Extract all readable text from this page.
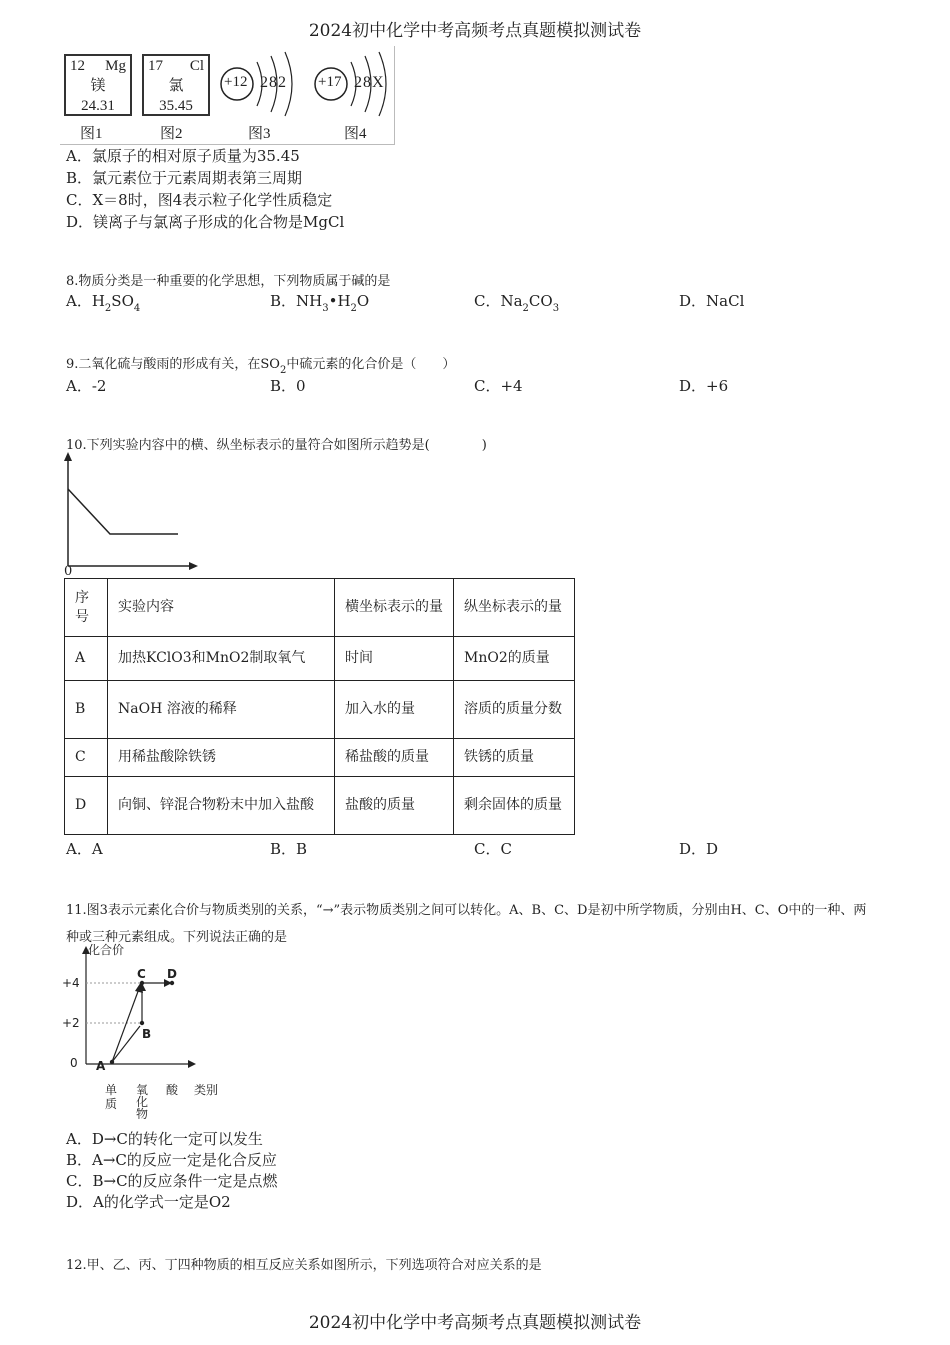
2024初中化学中考高频考点真题模拟测试卷
12 Mg
镁
24.31
17 Cl
氯
35.45
+12 2 8 2 +17 2 8 X
图1	图2	图3	图4
A．氯原子的相对原子质量为35.45
B．氯元素位于元素周期表第三周期
C．X＝8时，图4表示粒子化学性质稳定
D．镁离子与氯离子形成的化合物是MgCl
8.物质分类是一种重要的化学思想，下列物质属于碱的是
A．$H_2SO_4$	B．$NH_3•H_2O$	C．$Na_2CO_3$	D．NaCl
9.二氧化硫与酸雨的形成有关，在$SO_2$中硫元素的化合价是（　　）
A．-2	B．0	C．+4	D．+6
10.下列实验内容中的横、纵坐标表示的量符合如图所示趋势是(　　　　)
0
序号	实验内容	横坐标表示的量	纵坐标表示的量
A	加热KClO3和MnO2制取氧气	时间	MnO2的质量
B	NaOH 溶液的稀释	加入水的量	溶质的质量分数
C	用稀盐酸除铁锈	稀盐酸的质量	铁锈的质量
D	向铜、锌混合物粉末中加入盐酸	盐酸的质量	剩余固体的质量
A．A	B．B	C．C	D．D
11.图3表示元素化合价与物质类别的关系，“→”表示物质类别之间可以转化。A、B、C、D是初中所学物质，分别由H、C、O中的一种、两
种或三种元素组成。下列说法正确的是
化合价
类别
+4
+2
0
单
质
氧
化
物
酸
A
B
C D
A．D→C的转化一定可以发生
B．A→C的反应一定是化合反应
C．B→C的反应条件一定是点燃
D．A的化学式一定是O2
12.甲、乙、丙、丁四种物质的相互反应关系如图所示，下列选项符合对应关系的是
2024初中化学中考高频考点真题模拟测试卷
